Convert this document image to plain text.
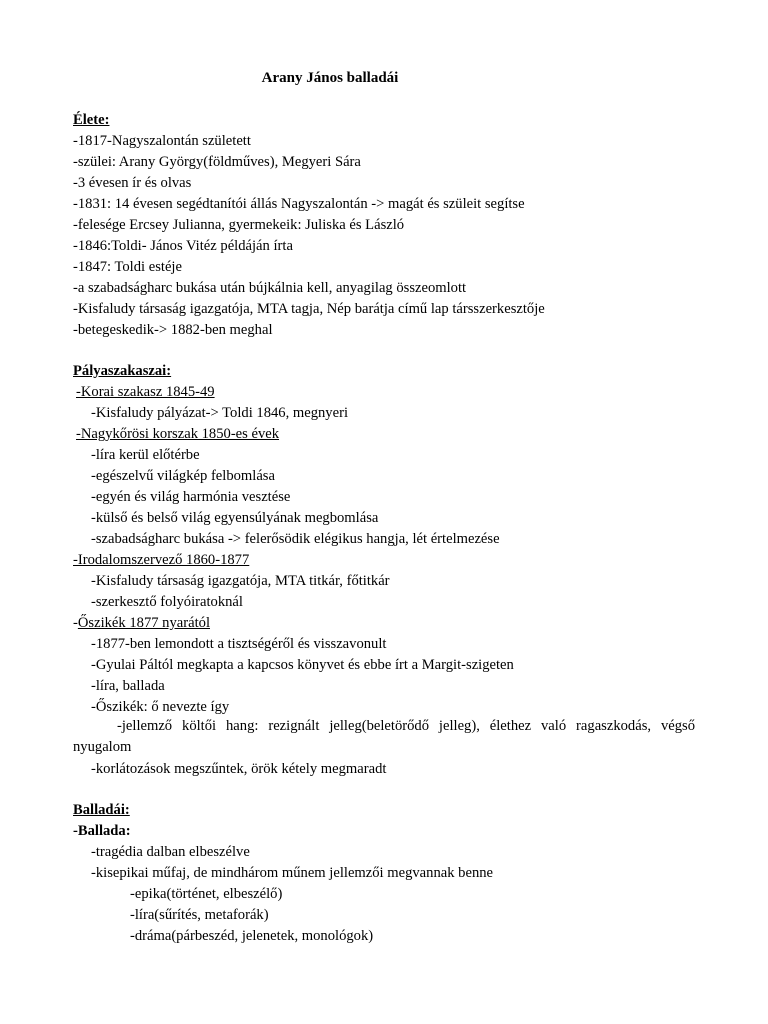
Arany János balladái
Élete:
-1817-Nagyszalontán született
-szülei: Arany György(földműves), Megyeri Sára
-3 évesen ír és olvas
-1831: 14 évesen segédtanítói állás Nagyszalontán -> magát és szüleit segítse
-felesége Ercsey Julianna, gyermekeik: Juliska és László
-1846:Toldi- János Vitéz példáján írta
-1847: Toldi estéje
-a szabadságharc bukása után bújkálnia kell, anyagilag összeomlott
-Kisfaludy társaság igazgatója, MTA tagja, Nép barátja című lap társszerkesztője
-betegeskedik-> 1882-ben meghal
Pályaszakaszai:
-Korai szakasz 1845-49
-Kisfaludy pályázat-> Toldi 1846, megnyeri
-Nagykőrösi korszak 1850-es évek
-líra kerül előtérbe
-egészelvű világkép felbomlása
-egyén és világ harmónia vesztése
-külső és belső világ egyensúlyának megbomlása
-szabadságharc bukása -> felerősödik elégikus hangja, lét értelmezése
-Irodalomszervező 1860-1877
-Kisfaludy társaság igazgatója, MTA titkár, főtitkár
-szerkesztő folyóiratoknál
-Őszikék 1877 nyarától
-1877-ben lemondott a tisztségéről és visszavonult
-Gyulai Páltól megkapta a kapcsos könyvet és ebbe írt a Margit-szigeten
-líra, ballada
-Őszikék: ő nevezte így
-jellemző költői hang: rezignált jelleg(beletörődő jelleg), élethez való ragaszkodás, végső
nyugalom
-korlátozások megszűntek, örök kétely megmaradt
Balladái:
-Ballada:
-tragédia dalban elbeszélve
-kisepikai műfaj, de mindhárom műnem jellemzői megvannak benne
-epika(történet, elbeszélő)
-líra(sűrítés, metaforák)
-dráma(párbeszéd, jelenetek, monológok)
